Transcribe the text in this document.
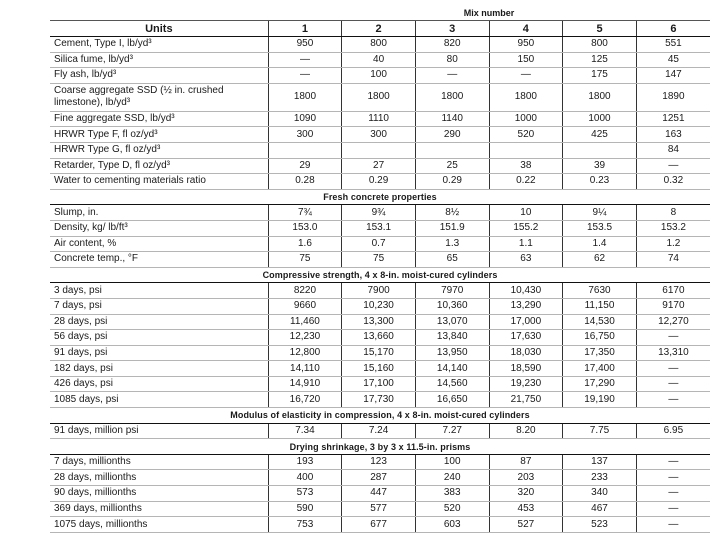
	Mix number					
Units	1	2	3	4	5	6
Cement, Type I, lb/yd³	950	800	820	950	800	551
Silica fume, lb/yd³	—	40	80	150	125	45
Fly ash, lb/yd³	—	100	—	—	175	147
Coarse aggregate SSD (½ in. crushed limestone), lb/yd³	1800	1800	1800	1800	1800	1890
Fine aggregate SSD, lb/yd³	1090	1110	1140	1000	1000	1251
HRWR Type F, fl oz/yd³	300	300	290	520	425	163
HRWR Type G, fl oz/yd³						84
Retarder, Type D, fl oz/yd³	29	27	25	38	39	—
Water to cementing materials ratio	0.28	0.29	0.29	0.22	0.23	0.32
Fresh concrete properties						
Slump, in.	7¾	9¾	8½	10	9¼	8
Density, kg/ lb/ft³	153.0	153.1	151.9	155.2	153.5	153.2
Air content, %	1.6	0.7	1.3	1.1	1.4	1.2
Concrete temp., °F	75	75	65	63	62	74
Compressive strength, 4 x 8-in. moist-cured cylinders						
3 days, psi	8220	7900	7970	10,430	7630	6170
7 days, psi	9660	10,230	10,360	13,290	11,150	9170
28 days, psi	11,460	13,300	13,070	17,000	14,530	12,270
56 days, psi	12,230	13,660	13,840	17,630	16,750	—
91 days, psi	12,800	15,170	13,950	18,030	17,350	13,310
182 days, psi	14,110	15,160	14,140	18,590	17,400	—
426 days, psi	14,910	17,100	14,560	19,230	17,290	—
1085 days, psi	16,720	17,730	16,650	21,750	19,190	—
Modulus of elasticity in compression, 4 x 8-in. moist-cured cylinders						
91 days, million psi	7.34	7.24	7.27	8.20	7.75	6.95
Drying shrinkage, 3 by 3 x 11.5-in. prisms						
7 days, millionths	193	123	100	87	137	—
28 days, millionths	400	287	240	203	233	—
90 days, millionths	573	447	383	320	340	—
369 days, millionths	590	577	520	453	467	—
1075 days, millionths	753	677	603	527	523	—
